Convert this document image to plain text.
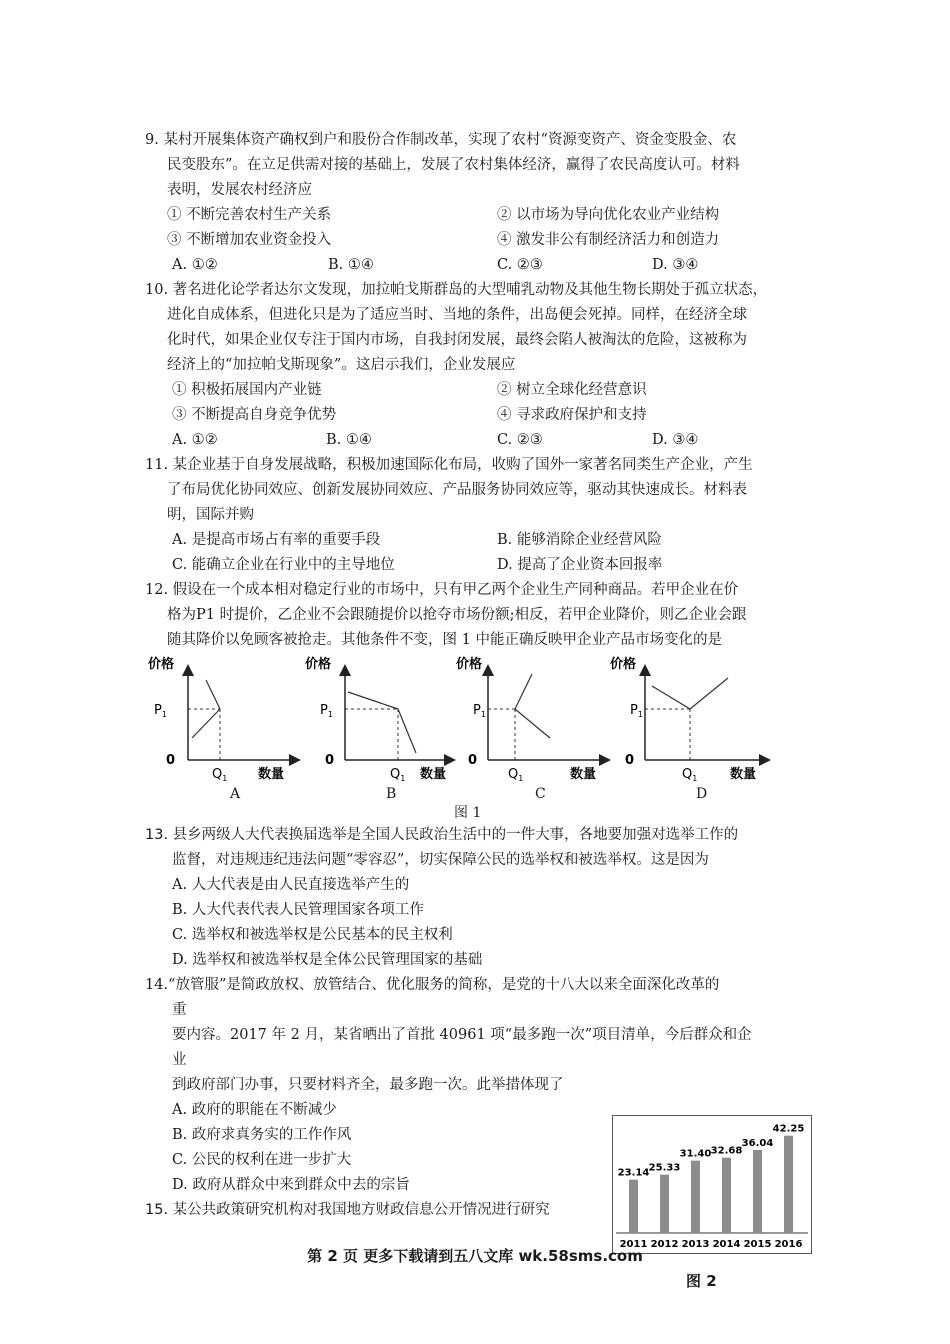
9. 某村开展集体资产确权到户和股份合作制改革，实现了农村“资源变资产、资金变股金、农
民变股东”。在立足供需对接的基础上，发展了农村集体经济，赢得了农民高度认可。材料
表明，发展农村经济应
① 不断完善农村生产关系	② 以市场为导向优化农业产业结构
③ 不断增加农业资金投入	④ 激发非公有制经济活力和创造力
A. ①②	B. ①④	C. ②③	D. ③④
10. 著名进化论学者达尔文发现，加拉帕戈斯群岛的大型哺乳动物及其他生物长期处于孤立状态，
进化自成体系，但进化只是为了适应当时、当地的条件，出岛便会死掉。同样，在经济全球
化时代，如果企业仅专注于国内市场，自我封闭发展，最终会陷人被淘汰的危险，这被称为
经济上的“加拉帕戈斯现象”。这启示我们，企业发展应
① 积极拓展国内产业链	② 树立全球化经营意识
③ 不断提高自身竞争优势	④ 寻求政府保护和支持
A. ①②	B. ①④	C. ②③	D. ③④
11. 某企业基于自身发展战略，积极加速国际化布局，收购了国外一家著名同类生产企业，产生
了布局优化协同效应、创新发展协同效应、产品服务协同效应等，驱动其快速成长。材料表
明，国际并购
A. 是提高市场占有率的重要手段	B. 能够消除企业经营风险
C. 能确立企业在行业中的主导地位	D. 提高了企业资本回报率
12. 假设在一个成本相对稳定行业的市场中，只有甲乙两个企业生产同种商品。若甲企业在价
格为P1 时提价，乙企业不会跟随提价以抢夺市场份额;相反，若甲企业降价，则乙企业会跟
随其降价以免顾客被抢走。其他条件不变，图 1 中能正确反映甲企业产品市场变化的是
价格
$P_1$
0
$Q_1$ 数量
价格
$P_1$
0
$Q_1$ 数量
价格
$P_1$
0
$Q_1$	数量
价格
$P_1$
0
$Q_1$	数量
A	B	C	D
图 1
13. 县乡两级人大代表换届选举是全国人民政治生活中的一件大事，各地要加强对选举工作的
监督，对违规违纪违法问题“零容忍”，切实保障公民的选举权和被选举权。这是因为
A. 人大代表是由人民直接选举产生的
B. 人大代表代表人民管理国家各项工作
C. 选举权和被选举权是公民基本的民主权利
D. 选举权和被选举权是全体公民管理国家的基础
14.“放管服”是简政放权、放管结合、优化服务的简称，是党的十八大以来全面深化改革的
重
要内容。2017 年 2 月，某省晒出了首批 40961 项“最多跑一次”项目清单，今后群众和企
业
到政府部门办事，只要材料齐全，最多跑一次。此举措体现了
A. 政府的职能在不断减少
B. 政府求真务实的工作作风
C. 公民的权利在进一步扩大
D. 政府从群众中来到群众中去的宗旨
15. 某公共政策研究机构对我国地方财政信息公开情况进行研究
23.14
2011
25.33
2012
31.40
2013
32.68
2014
36.04
2015
42.25
2016
图 2
第 2 页 更多下载请到五八文库 wk.58sms.com
